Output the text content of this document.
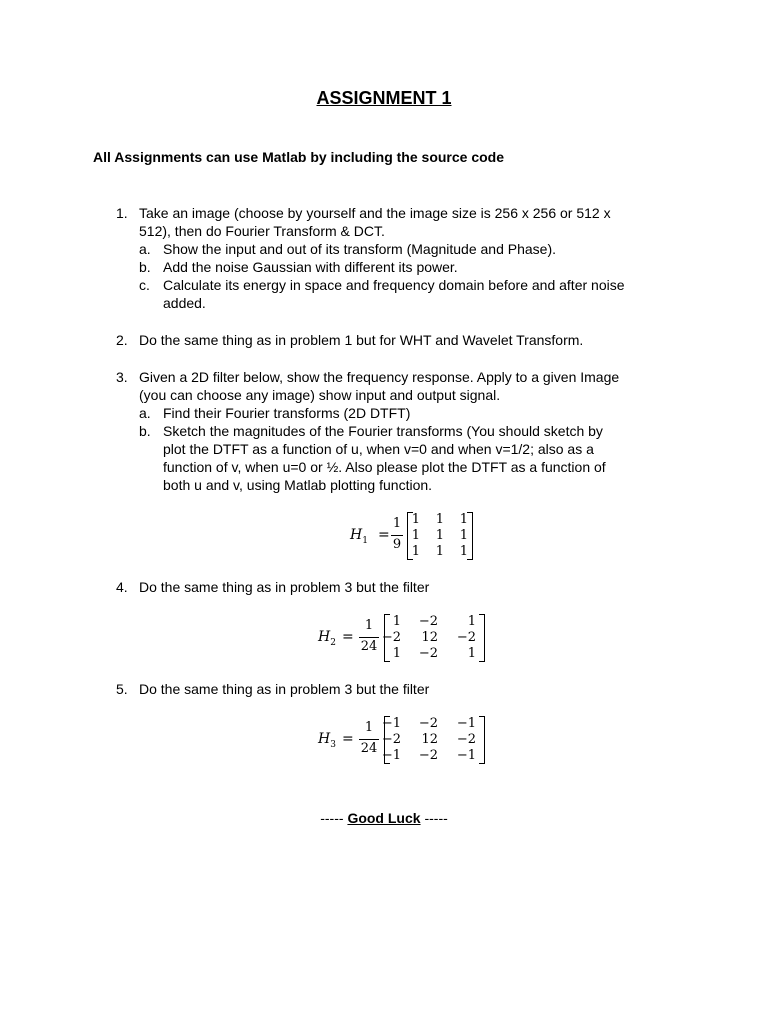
ASSIGNMENT 1
All Assignments can use Matlab by including the source code
1. Take an image (choose by yourself and the image size is 256 x 256 or 512 x
512), then do Fourier Transform & DCT.
a. Show the input and out of its transform (Magnitude and Phase).
b. Add the noise Gaussian with different its power.
c. Calculate its energy in space and frequency domain before and after noise
added.
2. Do the same thing as in problem 1 but for WHT and Wavelet Transform.
3. Given a 2D filter below, show the frequency response. Apply to a given Image
(you can choose any image) show input and output signal.
a. Find their Fourier transforms (2D DTFT)
b. Sketch the magnitudes of the Fourier transforms (You should sketch by
plot the DTFT as a function of u, when v=0 and when v=1/2; also as a
function of v, when u=0 or ½. Also please plot the DTFT as a function of
both u and v, using Matlab plotting function.
$H_1$ =
1
9
1	1	1
1	1	1
1	1	1
4. Do the same thing as in problem 3 but the filter
$H_2$ =
1
24
1 −2	1
−2	12 −2
1 −2	1
5. Do the same thing as in problem 3 but the filter
$H_3$ =
1
24
−1 −2 −1
−2	12 −2
−1 −2 −1
----- Good Luck -----
